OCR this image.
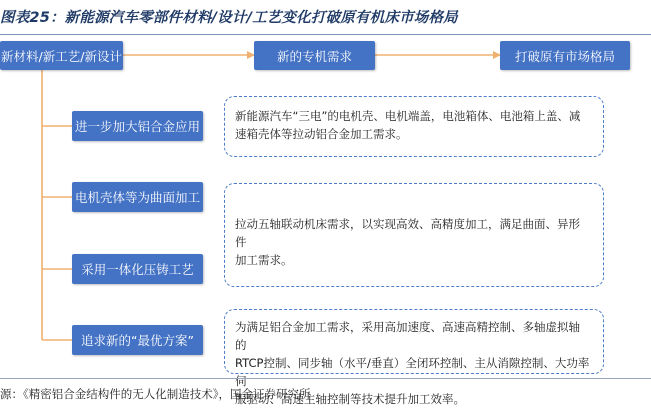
图表25：新能源汽车零部件材料/设计/工艺变化打破原有机床市场格局
新材料/新工艺/新设计	新的专机需求	打破原有市场格局
进一步加大铝合金应用
电机壳体等为曲面加工
采用一体化压铸工艺
追求新的“最优方案”
新能源汽车“三电”的电机壳、电机端盖，电池箱体、电池箱上盖、减
速箱壳体等拉动铝合金加工需求。
拉动五轴联动机床需求，以实现高效、高精度加工，满足曲面、异形件
加工需求。
为满足铝合金加工需求，采用高加速度、高速高精控制、多轴虚拟轴的
RTCP控制、同步轴（水平/垂直）全闭环控制、主从消隙控制、大功率伺
服驱动、高速主轴控制等技术提升加工效率。
源：《精密铝合金结构件的无人化制造技术》，国金证券研究所
